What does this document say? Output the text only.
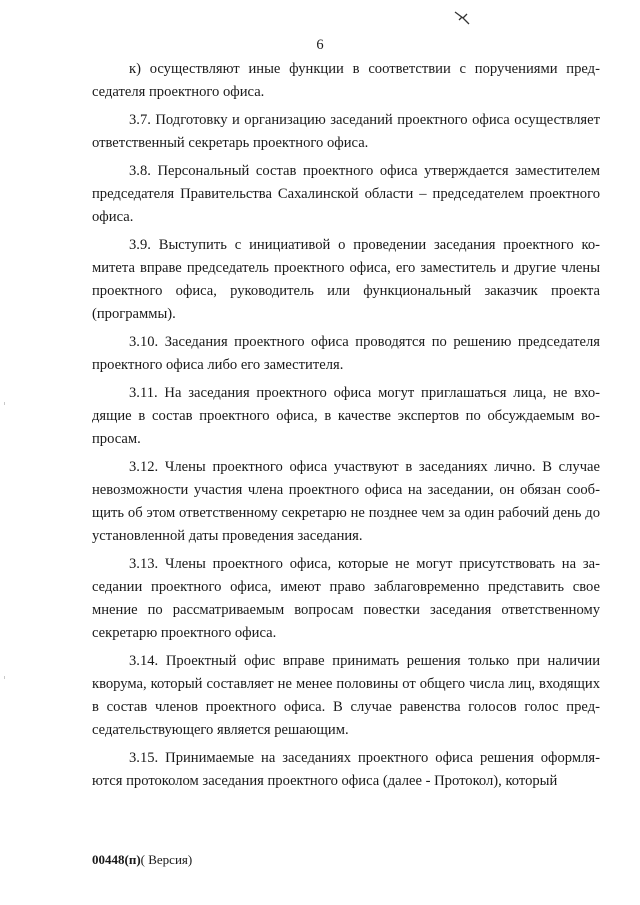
6

к) осуществляют иные функции в соответствии с поручениями председателя проектного офиса.

3.7. Подготовку и организацию заседаний проектного офиса осуществляет ответственный секретарь проектного офиса.

3.8. Персональный состав проектного офиса утверждается заместителем председателя Правительства Сахалинской области – председателем проектного офиса.

3.9. Выступить с инициативой о проведении заседания проектного комитета вправе председатель проектного офиса, его заместитель и другие члены проектного офиса, руководитель или функциональный заказчик проекта (программы).

3.10. Заседания проектного офиса проводятся по решению председателя проектного офиса либо его заместителя.

3.11. На заседания проектного офиса могут приглашаться лица, не входящие в состав проектного офиса, в качестве экспертов по обсуждаемым вопросам.

3.12. Члены проектного офиса участвуют в заседаниях лично. В случае невозможности участия члена проектного офиса на заседании, он обязан сообщить об этом ответственному секретарю не позднее чем за один рабочий день до установленной даты проведения заседания.

3.13. Члены проектного офиса, которые не могут присутствовать на заседании проектного офиса, имеют право заблаговременно представить свое мнение по рассматриваемым вопросам повестки заседания ответственному секретарю проектного офиса.

3.14. Проектный офис вправе принимать решения только при наличии кворума, который составляет не менее половины от общего числа лиц, входящих в состав членов проектного офиса. В случае равенства голосов голос председательствующего является решающим.

3.15. Принимаемые на заседаниях проектного офиса решения оформляются протоколом заседания проектного офиса (далее - Протокол), который

00448(п)( Версия)
